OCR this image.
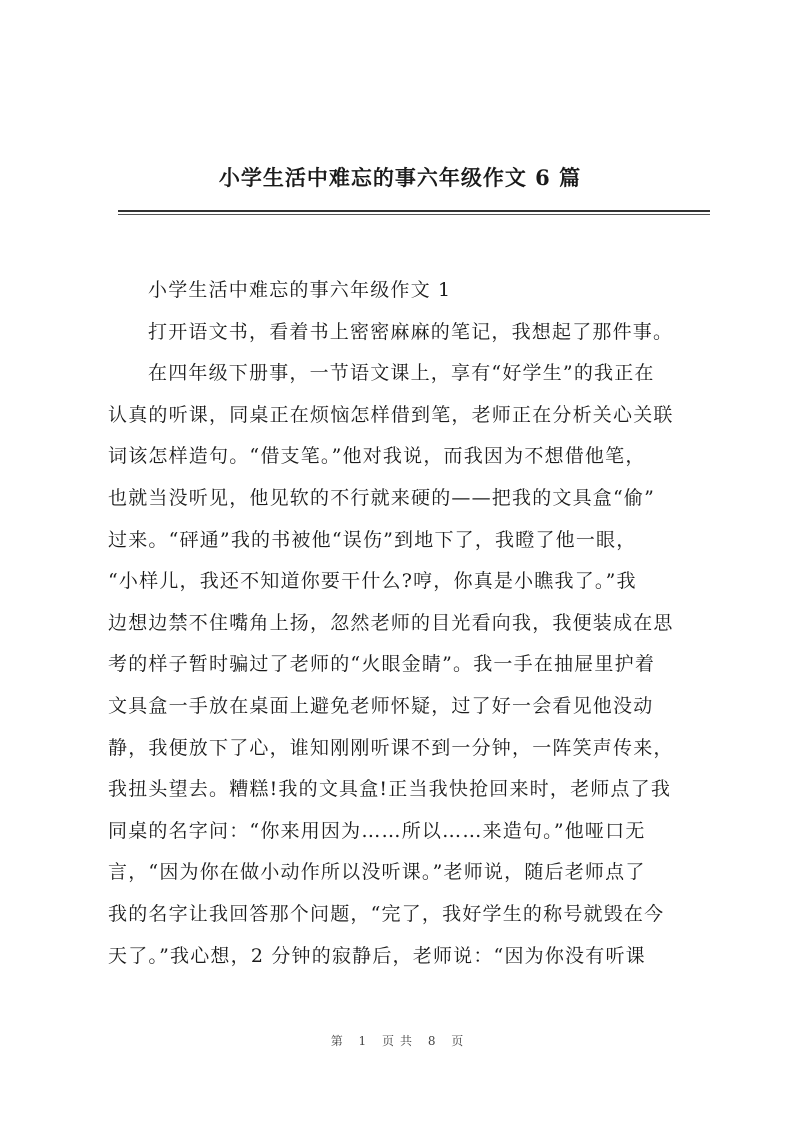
小学生活中难忘的事六年级作文 6 篇
小学生活中难忘的事六年级作文 1
打开语文书，看着书上密密麻麻的笔记，我想起了那件事。
在四年级下册事，一节语文课上，享有“好学生”的我正在
认真的听课，同桌正在烦恼怎样借到笔，老师正在分析关心关联
词该怎样造句。“借支笔。”他对我说，而我因为不想借他笔，
也就当没听见，他见软的不行就来硬的——把我的文具盒“偷”
过来。“砰通”我的书被他“误伤”到地下了，我瞪了他一眼，
“小样儿，我还不知道你要干什么?哼，你真是小瞧我了。”我
边想边禁不住嘴角上扬，忽然老师的目光看向我，我便装成在思
考的样子暂时骗过了老师的“火眼金睛”。我一手在抽屉里护着
文具盒一手放在桌面上避免老师怀疑，过了好一会看见他没动
静，我便放下了心，谁知刚刚听课不到一分钟，一阵笑声传来，
我扭头望去。糟糕!我的文具盒!正当我快抢回来时，老师点了我
同桌的名字问：“你来用因为……所以……来造句。”他哑口无
言，“因为你在做小动作所以没听课。”老师说，随后老师点了
我的名字让我回答那个问题，“完了，我好学生的称号就毁在今
天了。”我心想，2 分钟的寂静后，老师说：“因为你没有听课
第 1 页共 8 页
